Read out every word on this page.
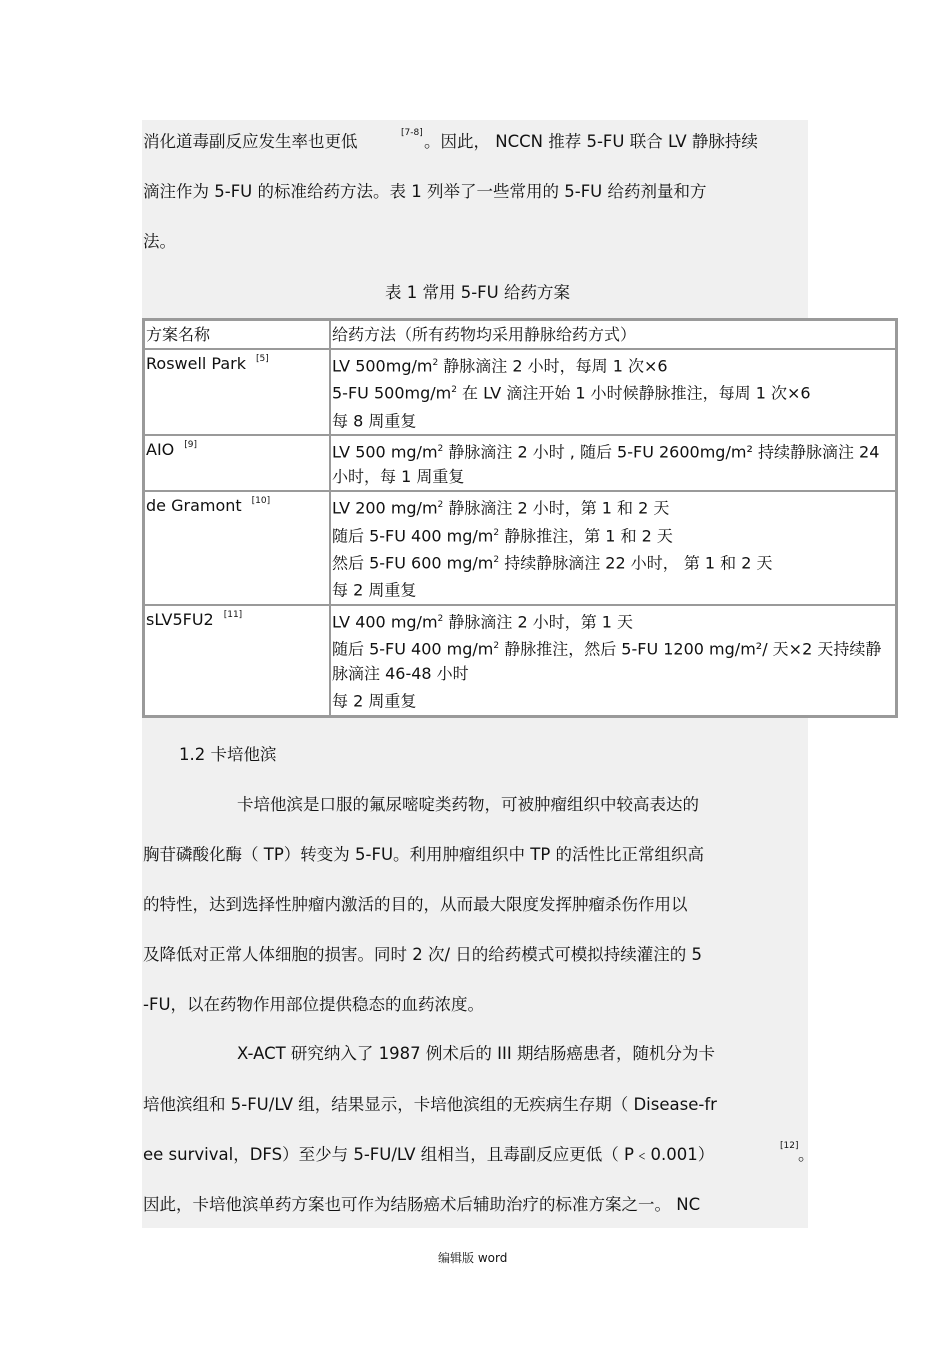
消化道毒副反应发生率也更低	[7-8] 。因此， NCCN 推荐 5-FU 联合 LV 静脉持续
滴注作为 5-FU 的标准给药方法。表 1 列举了一些常用的 5-FU 给药剂量和方
法。
表 1 常用 5-FU 给药方案
方案名称	给药方法（所有药物均采用静脉给药方式）
Roswell Park [5]	LV $500mg/m^2$ 静脉滴注 2 小时，每周 1 次×6
5-FU $500mg/m^2$ 在 LV 滴注开始 1 小时候静脉推注，每周 1 次×6
每 8 周重复

AIO [9]	LV 500 $mg/m^2$ 静脉滴注 2 小时 , 随后 5-FU 2600mg/m² 持续静脉滴注 24 小时，每 1 周重复

de Gramont [10]	LV 200 $mg/m^2$ 静脉滴注 2 小时，第 1 和 2 天
随后 5-FU 400 $mg/m^2$ 静脉推注，第 1 和 2 天
然后 5-FU 600 $mg/m^2$ 持续静脉滴注 22 小时， 第 1 和 2 天
每 2 周重复

sLV5FU2 [11]	LV 400 $mg/m^2$ 静脉滴注 2 小时，第 1 天
随后 5-FU 400 $mg/m^2$ 静脉推注，然后 5-FU 1200 mg/m²/ 天×2 天持续静脉滴注 46-48 小时
每 2 周重复
1.2 卡培他滨
卡培他滨是口服的氟尿嘧啶类药物，可被肿瘤组织中较高表达的
胸苷磷酸化酶（ TP）转变为 5-FU。利用肿瘤组织中 TP 的活性比正常组织高
的特性，达到选择性肿瘤内激活的目的，从而最大限度发挥肿瘤杀伤作用以
及降低对正常人体细胞的损害。同时 2 次/ 日的给药模式可模拟持续灌注的 5
-FU，以在药物作用部位提供稳态的血药浓度。
X-ACT 研究纳入了 1987 例术后的 III 期结肠癌患者，随机分为卡
培他滨组和 5-FU/LV 组，结果显示，卡培他滨组的无疾病生存期（ Disease-fr
ee survival，DFS）至少与 5-FU/LV 组相当，且毒副反应更低（ P﹤0.001）	[12] 。
因此，卡培他滨单药方案也可作为结肠癌术后辅助治疗的标准方案之一。 NC
编辑版 word
